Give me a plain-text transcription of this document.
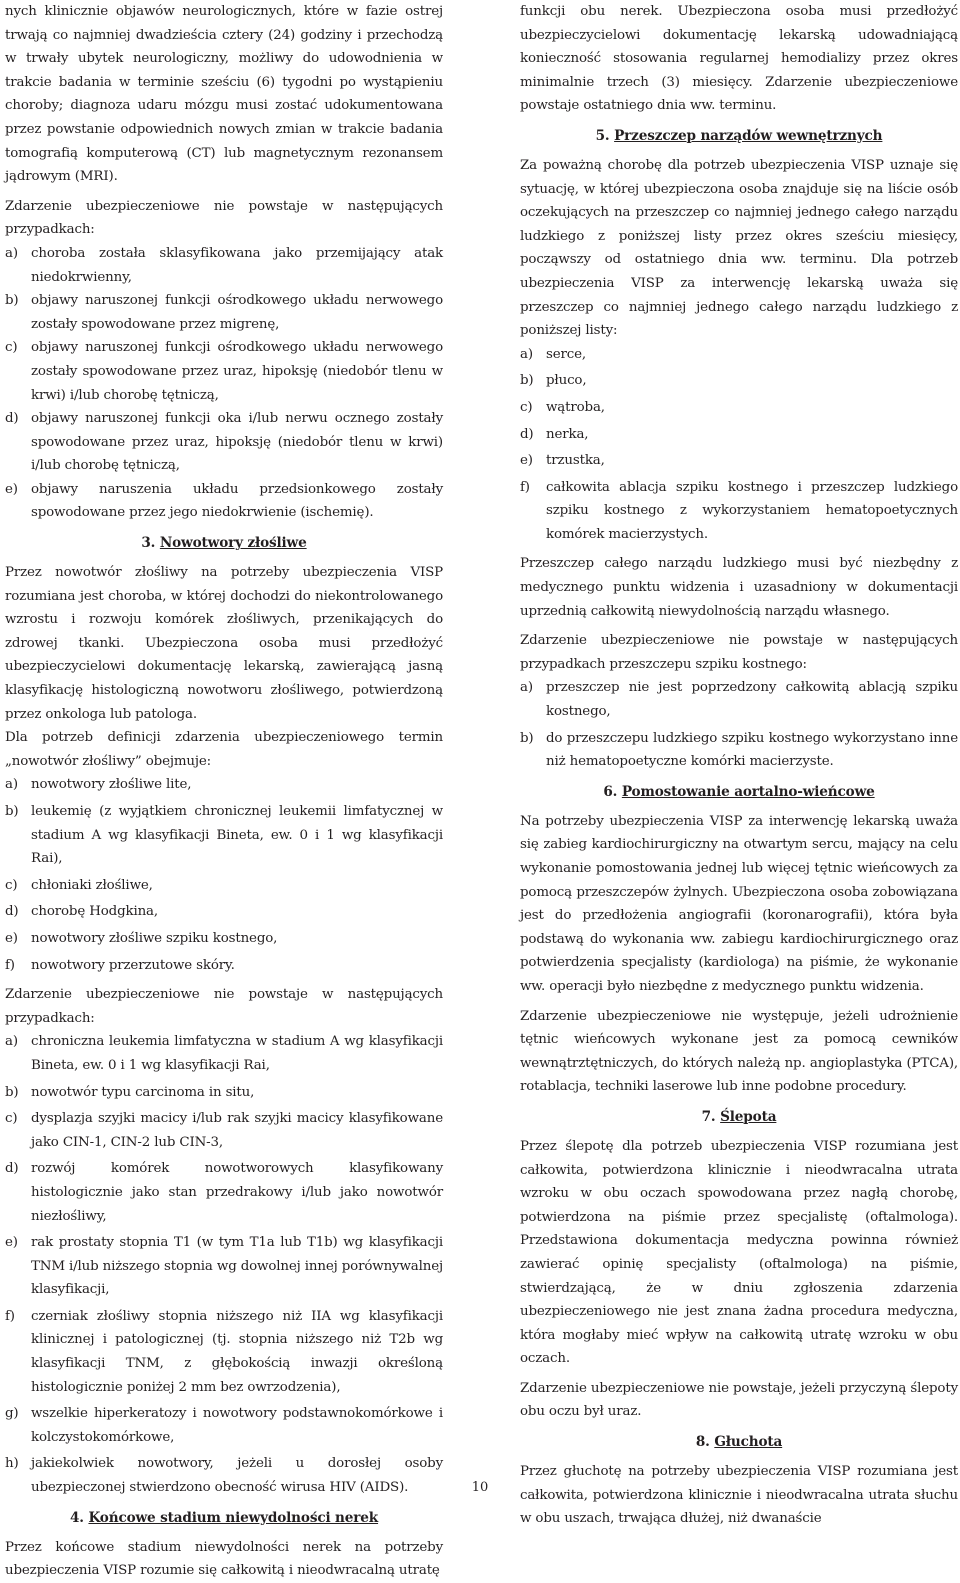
nych klinicznie objawów neurologicznych, które w fazie ostrej trwają co najmniej dwadzieścia cztery (24) godziny i przechodzą w trwały ubytek neurologiczny, możliwy do udowodnienia w trakcie badania w terminie sześciu (6) tygodni po wystąpieniu choroby; diagnoza udaru mózgu musi zostać udokumentowana przez powstanie odpowiednich nowych zmian w trakcie badania tomografią komputerową (CT) lub magnetycznym rezonansem jądrowym (MRI).

Zdarzenie ubezpieczeniowe nie powstaje w następujących przypadkach:

a) choroba została sklasyfikowana jako przemijający atak niedokrwienny,
b) objawy naruszonej funkcji ośrodkowego układu nerwowego zostały spowodowane przez migrenę,
c) objawy naruszonej funkcji ośrodkowego układu nerwowego zostały spowodowane przez uraz, hipoksję (niedobór tlenu w krwi) i/lub chorobę tętniczą,
d) objawy naruszonej funkcji oka i/lub nerwu ocznego zostały spowodowane przez uraz, hipoksję (niedobór tlenu w krwi) i/lub chorobę tętniczą,
e) objawy naruszenia układu przedsionkowego zostały spowodowane przez jego niedokrwienie (ischemię).
3. Nowotwory złośliwe

Przez nowotwór złośliwy na potrzeby ubezpieczenia VISP rozumiana jest choroba, w której dochodzi do niekontrolowanego wzrostu i rozwoju komórek złośliwych, przenikających do zdrowej tkanki. Ubezpieczona osoba musi przedłożyć ubezpieczycielowi dokumentację lekarską, zawierającą jasną klasyfikację histologiczną nowotworu złośliwego, potwierdzoną przez onkologa lub patologa.

Dla potrzeb definicji zdarzenia ubezpieczeniowego termin „nowotwór złośliwy” obejmuje:

a) nowotwory złośliwe lite,
b) leukemię (z wyjątkiem chronicznej leukemii limfatycznej w stadium A wg klasyfikacji Bineta, ew. 0 i 1 wg klasyfikacji Rai),
c) chłoniaki złośliwe,
d) chorobę Hodgkina,
e) nowotwory złośliwe szpiku kostnego,
f) nowotwory przerzutowe skóry.

Zdarzenie ubezpieczeniowe nie powstaje w następujących przypadkach:

a) chroniczna leukemia limfatyczna w stadium A wg klasyfikacji Bineta, ew. 0 i 1 wg klasyfikacji Rai,
b) nowotwór typu carcinoma in situ,
c) dysplazja szyjki macicy i/lub rak szyjki macicy klasyfikowane jako CIN-1, CIN-2 lub CIN-3,
d) rozwój komórek nowotworowych klasyfikowany histologicznie jako stan przedrakowy i/lub jako nowotwór niezłośliwy,
e) rak prostaty stopnia T1 (w tym T1a lub T1b) wg klasyfikacji TNM i/lub niższego stopnia wg dowolnej innej porównywalnej klasyfikacji,
f) czerniak złośliwy stopnia niższego niż IIA wg klasyfikacji klinicznej i patologicznej (tj. stopnia niższego niż T2b wg klasyfikacji TNM, z głębokością inwazji określoną histologicznie poniżej 2 mm bez owrzodzenia),
g) wszelkie hiperkeratozy i nowotwory podstawnokomórkowe i kolczystokomórkowe,
h) jakiekolwiek nowotwory, jeżeli u dorosłej osoby ubezpieczonej stwierdzono obecność wirusa HIV (AIDS).
4. Końcowe stadium niewydolności nerek

Przez końcowe stadium niewydolności nerek na potrzeby ubezpieczenia VISP rozumie się całkowitą i nieodwracalną utratę

funkcji obu nerek. Ubezpieczona osoba musi przedłożyć ubezpieczycielowi dokumentację lekarską udowadniającą konieczność stosowania regularnej hemodializy przez okres minimalnie trzech (3) miesięcy. Zdarzenie ubezpieczeniowe powstaje ostatniego dnia ww. terminu.

5. Przeszczep narządów wewnętrznych

Za poważną chorobę dla potrzeb ubezpieczenia VISP uznaje się sytuację, w której ubezpieczona osoba znajduje się na liście osób oczekujących na przeszczep co najmniej jednego całego narządu ludzkiego z poniższej listy przez okres sześciu miesięcy, począwszy od ostatniego dnia ww. terminu. Dla potrzeb ubezpieczenia VISP za interwencję lekarską uważa się przeszczep co najmniej jednego całego narządu ludzkiego z poniższej listy:

a) serce,
b) płuco,
c) wątroba,
d) nerka,
e) trzustka,
f) całkowita ablacja szpiku kostnego i przeszczep ludzkiego szpiku kostnego z wykorzystaniem hematopoetycznych komórek macierzystych.

Przeszczep całego narządu ludzkiego musi być niezbędny z medycznego punktu widzenia i uzasadniony w dokumentacji uprzednią całkowitą niewydolnością narządu własnego.

Zdarzenie ubezpieczeniowe nie powstaje w następujących przypadkach przeszczepu szpiku kostnego:

a) przeszczep nie jest poprzedzony całkowitą ablacją szpiku kostnego,
b) do przeszczepu ludzkiego szpiku kostnego wykorzystano inne niż hematopoetyczne komórki macierzyste.
6. Pomostowanie aortalno-wieńcowe

Na potrzeby ubezpieczenia VISP za interwencję lekarską uważa się zabieg kardiochirurgiczny na otwartym sercu, mający na celu wykonanie pomostowania jednej lub więcej tętnic wieńcowych za pomocą przeszczepów żylnych. Ubezpieczona osoba zobowiązana jest do przedłożenia angiografii (koronarografii), która była podstawą do wykonania ww. zabiegu kardiochirurgicznego oraz potwierdzenia specjalisty (kardiologa) na piśmie, że wykonanie ww. operacji było niezbędne z medycznego punktu widzenia.

Zdarzenie ubezpieczeniowe nie występuje, jeżeli udrożnienie tętnic wieńcowych wykonane jest za pomocą cewników wewnątrztętniczych, do których należą np. angioplastyka (PTCA), rotablacja, techniki laserowe lub inne podobne procedury.

7. Ślepota

Przez ślepotę dla potrzeb ubezpieczenia VISP rozumiana jest całkowita, potwierdzona klinicznie i nieodwracalna utrata wzroku w obu oczach spowodowana przez nagłą chorobę, potwierdzona na piśmie przez specjalistę (oftalmologa). Przedstawiona dokumentacja medyczna powinna również zawierać opinię specjalisty (oftalmologa) na piśmie, stwierdzającą, że w dniu zgłoszenia zdarzenia ubezpieczeniowego nie jest znana żadna procedura medyczna, która mogłaby mieć wpływ na całkowitą utratę wzroku w obu oczach.

Zdarzenie ubezpieczeniowe nie powstaje, jeżeli przyczyną ślepoty obu oczu był uraz.

8. Głuchota

Przez głuchotę na potrzeby ubezpieczenia VISP rozumiana jest całkowita, potwierdzona klinicznie i nieodwracalna utrata słuchu w obu uszach, trwająca dłużej, niż dwanaście

10
